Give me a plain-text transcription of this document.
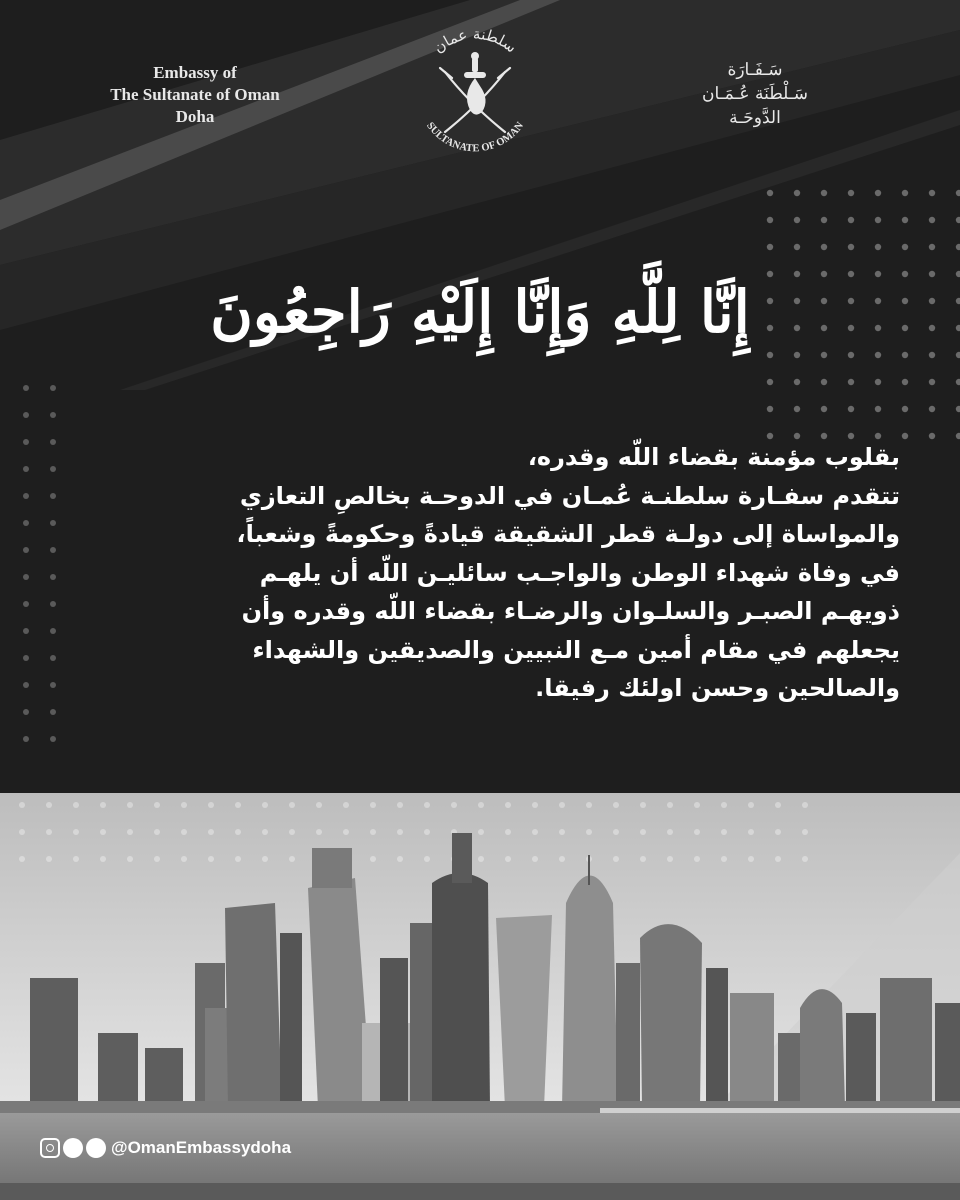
Embassy of
The Sultanate of Oman
Doha
سلطنة عمان
SULTANATE OF OMAN
سَـفَـارَة
سَـلْطَنَة عُـمَـان
الدَّوحَـة
إِنَّا لِلَّهِ وَإِنَّا إِلَيْهِ رَاجِعُونَ
بقلوب مؤمنة بقضاء اللّه وقدره،
تتقدم سفـارة سلطنـة عُمـان في الدوحـة بخالصِ التعازي
والمواساة إلى دولـة قطر الشقيقة قيادةً وحكومةً وشعباً،
في وفاة شهداء الوطن والواجـب سائليـن اللّه أن يلهـم
ذويهـم الصبـر والسلـوان والرضـاء بقضاء اللّه وقدره وأن
يجعلهم في مقام أمين مـع النبيين والصديقين والشهداء
والصالحين وحسن اولئك رفيقا.
@OmanEmbassydoha
